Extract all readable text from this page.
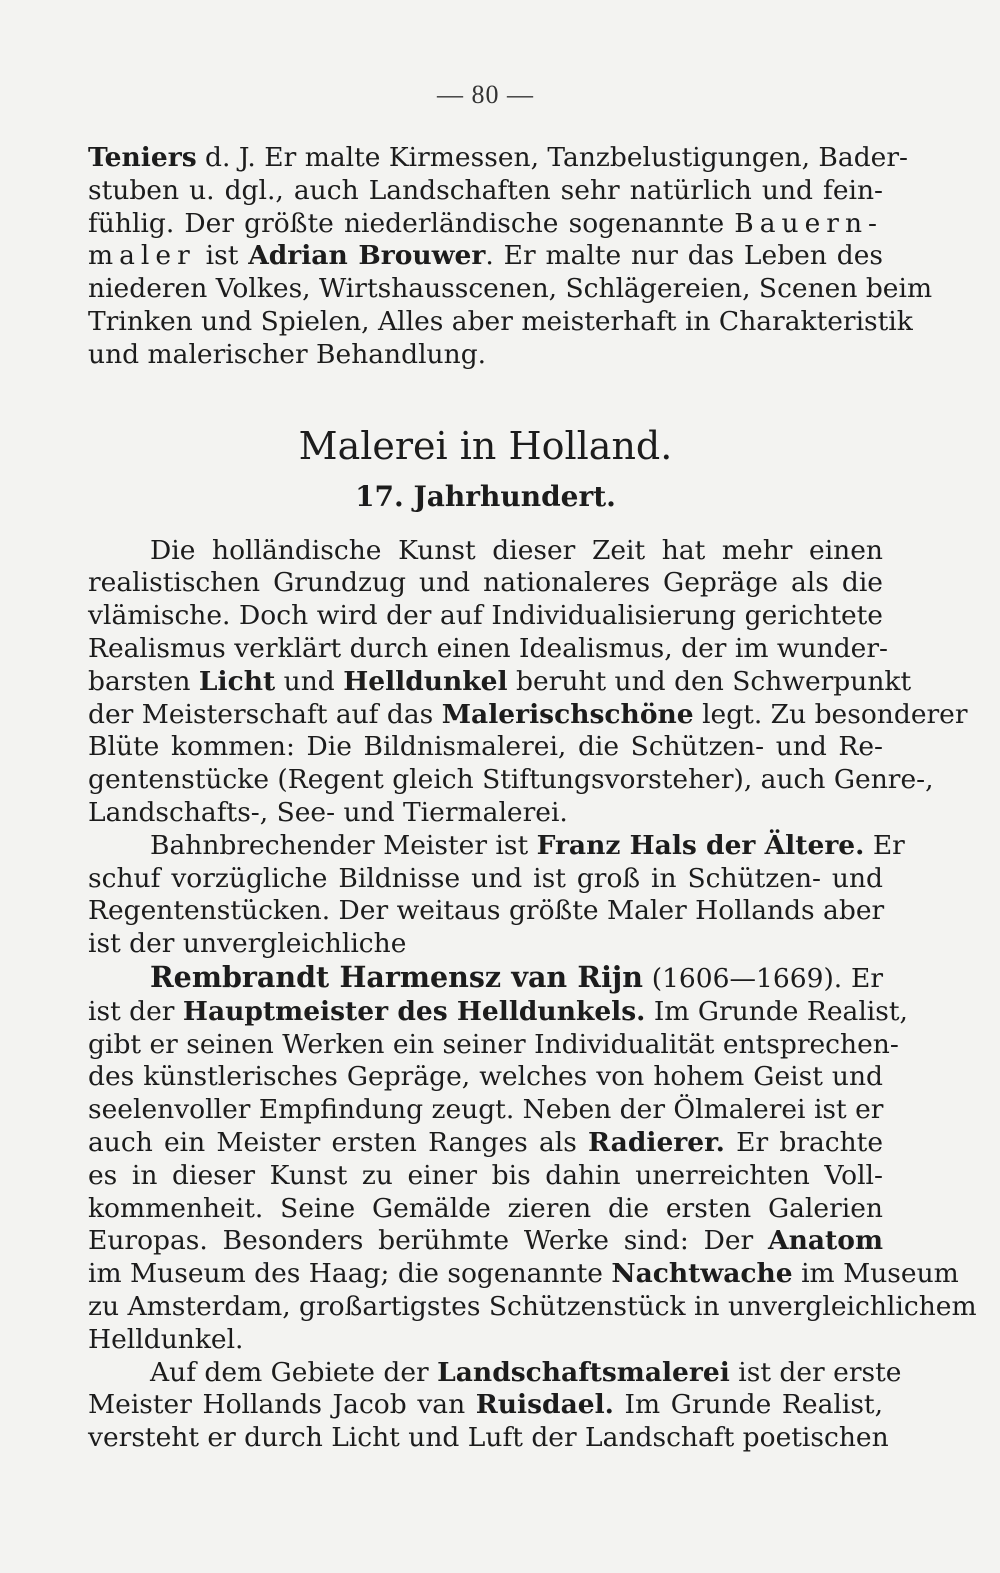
— 80 —
Teniers d. J. Er malte Kirmessen, Tanzbelustigungen, Bader-
stuben u. dgl., auch Landschaften sehr natürlich und fein-
fühlig. Der größte niederländische sogenannte Bauern-
maler ist Adrian Brouwer. Er malte nur das Leben des
niederen Volkes, Wirtshausscenen, Schlägereien, Scenen beim
Trinken und Spielen, Alles aber meisterhaft in Charakteristik
und malerischer Behandlung.
Malerei in Holland.
17. Jahrhundert.
Die holländische Kunst dieser Zeit hat mehr einen
realistischen Grundzug und nationaleres Gepräge als die
vlämische. Doch wird der auf Individualisierung gerichtete
Realismus verklärt durch einen Idealismus, der im wunder-
barsten Licht und Helldunkel beruht und den Schwerpunkt
der Meisterschaft auf das Malerischschöne legt. Zu besonderer
Blüte kommen: Die Bildnismalerei, die Schützen- und Re-
gentenstücke (Regent gleich Stiftungsvorsteher), auch Genre-,
Landschafts-, See- und Tiermalerei.
Bahnbrechender Meister ist Franz Hals der Ältere. Er
schuf vorzügliche Bildnisse und ist groß in Schützen- und
Regentenstücken. Der weitaus größte Maler Hollands aber
ist der unvergleichliche
Rembrandt Harmensz van Rijn (1606—1669). Er
ist der Hauptmeister des Helldunkels. Im Grunde Realist,
gibt er seinen Werken ein seiner Individualität entsprechen-
des künstlerisches Gepräge, welches von hohem Geist und
seelenvoller Empfindung zeugt. Neben der Ölmalerei ist er
auch ein Meister ersten Ranges als Radierer. Er brachte
es in dieser Kunst zu einer bis dahin unerreichten Voll-
kommenheit. Seine Gemälde zieren die ersten Galerien
Europas. Besonders berühmte Werke sind: Der Anatom
im Museum des Haag; die sogenannte Nachtwache im Museum
zu Amsterdam, großartigstes Schützenstück in unvergleichlichem
Helldunkel.
Auf dem Gebiete der Landschaftsmalerei ist der erste
Meister Hollands Jacob van Ruisdael. Im Grunde Realist,
versteht er durch Licht und Luft der Landschaft poetischen
